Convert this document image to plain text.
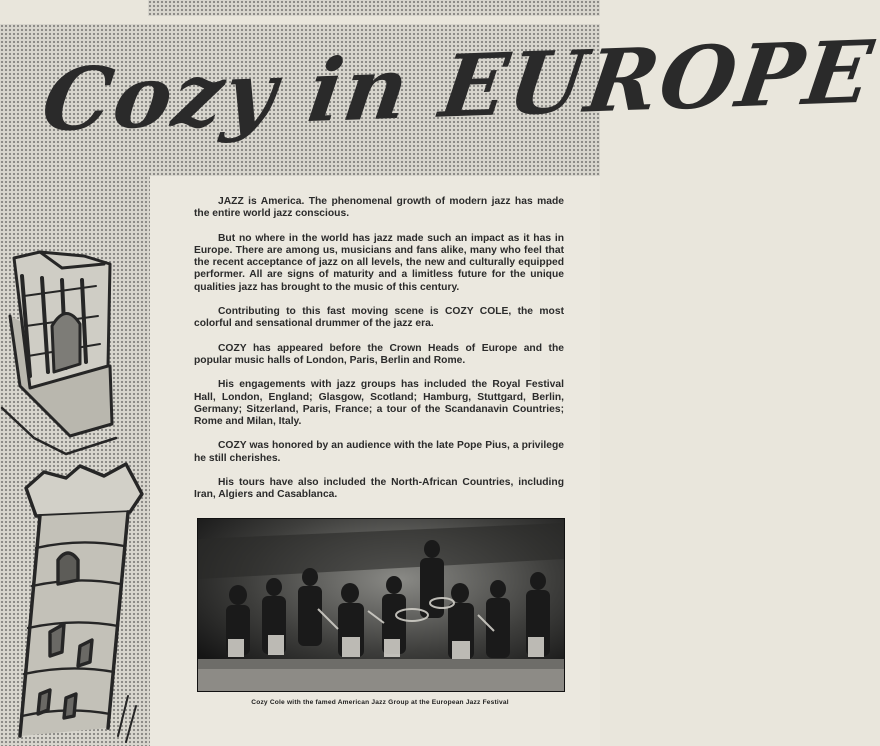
Cozy in EUROPE

JAZZ is America. The phenomenal growth of modern jazz has made the entire world jazz conscious.

But no where in the world has jazz made such an impact as it has in Europe. There are among us, musicians and fans alike, many who feel that the recent acceptance of jazz on all levels, the new and culturally equipped performer. All are signs of maturity and a limitless future for the unique qualities jazz has brought to the music of this century.

Contributing to this fast moving scene is COZY COLE, the most colorful and sensational drummer of the jazz era.

COZY has appeared before the Crown Heads of Europe and the popular music halls of London, Paris, Berlin and Rome.

His engagements with jazz groups has included the Royal Festival Hall, London, England; Glasgow, Scotland; Hamburg, Stuttgard, Berlin, Germany; Sitzerland, Paris, France; a tour of the Scandanavin Countries; Rome and Milan, Italy.

COZY was honored by an audience with the late Pope Pius, a privilege he still cherishes.

His tours have also included the North-African Countries, including Iran, Algiers and Casablanca.

Cozy Cole with the famed American Jazz Group at the European Jazz Festival
